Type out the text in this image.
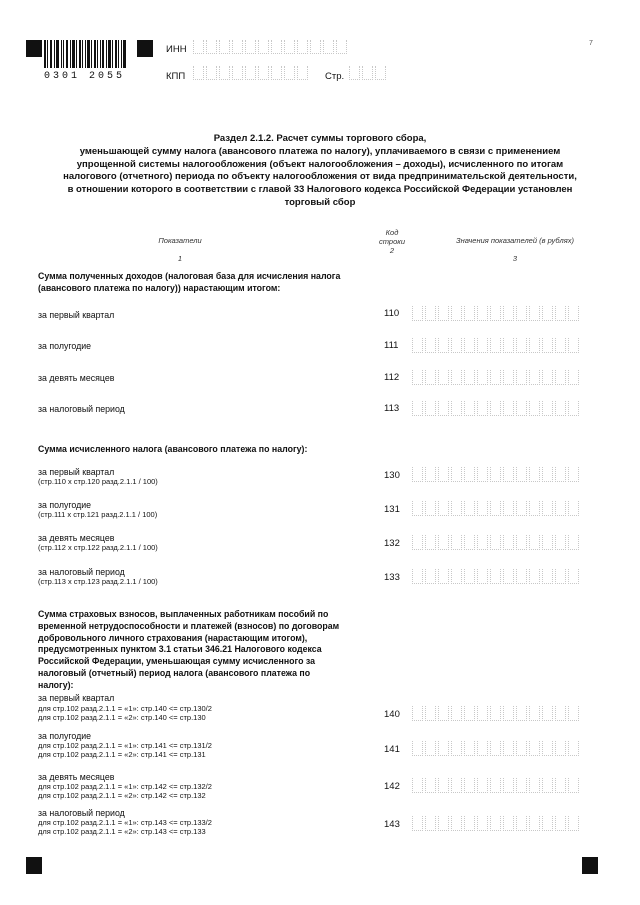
0301 2055
ИНН
КПП	Стр.
7
Раздел 2.1.2. Расчет суммы торгового сбора,
уменьшающей сумму налога (авансового платежа по налогу), уплачиваемого в связи с применением
упрощенной системы налогообложения (объект налогообложения – доходы), исчисленного по итогам
налогового (отчетного) периода по объекту налогообложения от вида предпринимательской деятельности,
в отношении которого в соответствии с главой 33 Налогового кодекса Российской Федерации установлен
торговый сбор
Показатели
1
Код
строки
2
Значения показателей (в рублях)
3
Сумма полученных доходов (налоговая база для исчисления налога
(авансового платежа по налогу)) нарастающим итогом:
за первый квартал	110
за полугодие	111
за девять месяцев	112
за налоговый период	113
Сумма исчисленного налога (авансового платежа по налогу):
за первый квартал
(стр.110 х стр.120 разд.2.1.1 / 100)
130
за полугодие
(стр.111 х стр.121 разд.2.1.1 / 100)	131
за девять месяцев
(стр.112 х стр.122 разд.2.1.1 / 100)	132
за налоговый период
(стр.113 х стр.123 разд.2.1.1 / 100)	133
Сумма страховых взносов, выплаченных работникам пособий по
временной нетрудоспособности и платежей (взносов) по договорам
добровольного личного страхования (нарастающим итогом),
предусмотренных пунктом 3.1 статьи 346.21 Налогового кодекса
Российской Федерации, уменьшающая сумму исчисленного за
налоговый (отчетный) период налога (авансового платежа по
налогу):
за первый квартал
для стр.102 разд.2.1.1 = «1»: стр.140 <= стр.130/2
для стр.102 разд.2.1.1 = «2»: стр.140 <= стр.130	140
за полугодие
для стр.102 разд.2.1.1 = «1»: стр.141 <= стр.131/2
для стр.102 разд.2.1.1 = «2»: стр.141 <= стр.131	141
за девять месяцев
для стр.102 разд.2.1.1 = «1»: стр.142 <= стр.132/2
для стр.102 разд.2.1.1 = «2»: стр.142 <= стр.132
142
за налоговый период
для стр.102 разд.2.1.1 = «1»: стр.143 <= стр.133/2
для стр.102 разд.2.1.1 = «2»: стр.143 <= стр.133
143
